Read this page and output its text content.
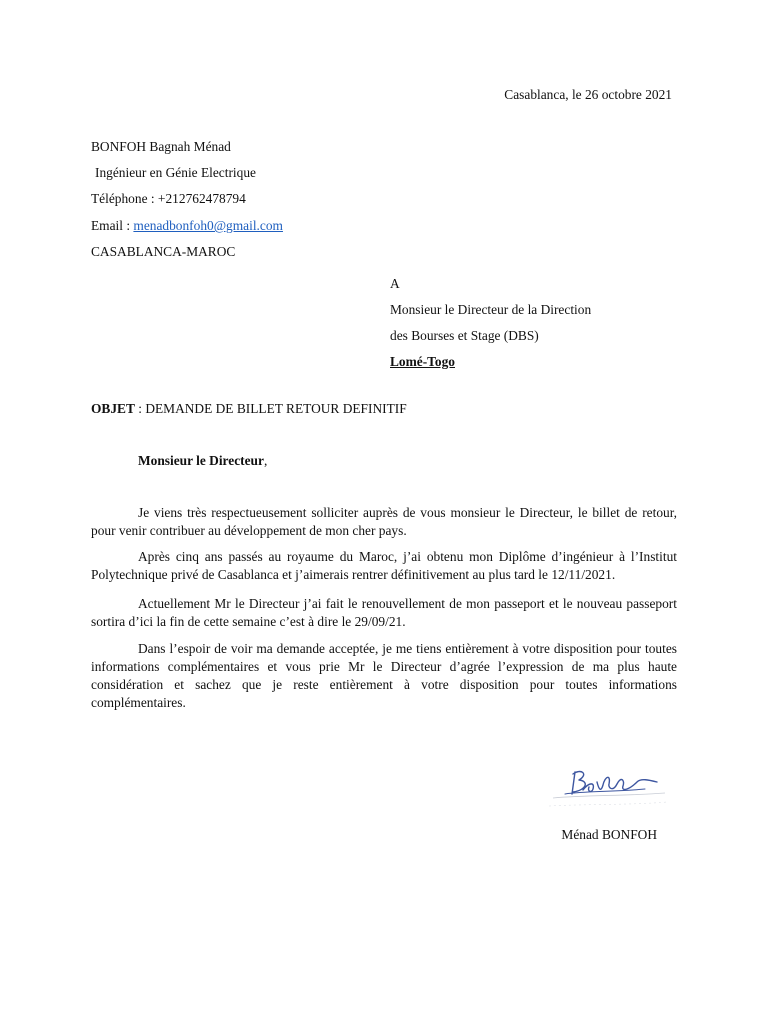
Casablanca, le 26 octobre 2021

BONFOH Bagnah Ménad

Ingénieur en Génie Electrique

Téléphone : +212762478794

Email : menadbonfoh0@gmail.com

CASABLANCA-MAROC

A

Monsieur le Directeur de la Direction

des Bourses et Stage (DBS)

Lomé-Togo

OBJET : DEMANDE DE BILLET RETOUR DEFINITIF

Monsieur le Directeur,

Je viens très respectueusement solliciter auprès de vous monsieur le Directeur, le billet de retour, pour venir contribuer au développement de mon cher pays.

Après cinq ans passés au royaume du Maroc, j’ai obtenu mon Diplôme d’ingénieur à l’Institut Polytechnique privé de Casablanca et j’aimerais rentrer définitivement au plus tard le 12/11/2021.

Actuellement Mr le Directeur j’ai fait le renouvellement de mon passeport et le nouveau passeport sortira d’ici la fin de cette semaine c’est à dire le 29/09/21.

Dans l’espoir de voir ma demande acceptée, je me tiens entièrement à votre disposition pour toutes informations complémentaires et vous prie Mr le Directeur d’agrée l’expression de ma plus haute considération et sachez que je reste entièrement à votre disposition pour toutes informations complémentaires.

Ménad BONFOH
